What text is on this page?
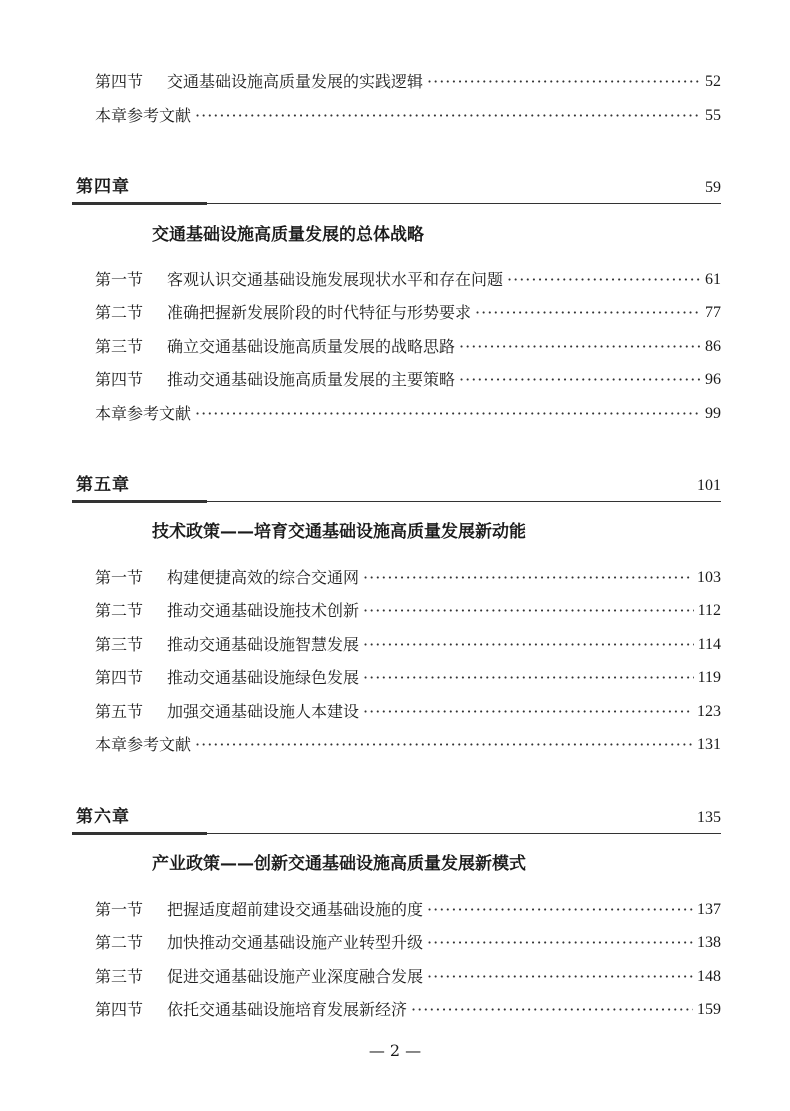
第四节	交通基础设施高质量发展的实践逻辑 ·····	52
本章参考文献 ·····	55
第四章	59
交通基础设施高质量发展的总体战略
第一节	客观认识交通基础设施发展现状水平和存在问题 ·····	61
第二节	准确把握新发展阶段的时代特征与形势要求 ·····	77
第三节	确立交通基础设施高质量发展的战略思路 ·····	86
第四节	推动交通基础设施高质量发展的主要策略 ·····	96
本章参考文献 ·····	99
第五章	101
技术政策——培育交通基础设施高质量发展新动能
第一节	构建便捷高效的综合交通网 ·····	103
第二节	推动交通基础设施技术创新 ·····	112
第三节	推动交通基础设施智慧发展 ·····	114
第四节	推动交通基础设施绿色发展 ·····	119
第五节	加强交通基础设施人本建设 ·····	123
本章参考文献 ·····	131
第六章	135
产业政策——创新交通基础设施高质量发展新模式
第一节	把握适度超前建设交通基础设施的度 ·····	137
第二节	加快推动交通基础设施产业转型升级 ·····	138
第三节	促进交通基础设施产业深度融合发展 ·····	148
第四节	依托交通基础设施培育发展新经济 ·····	159
— 2 —
